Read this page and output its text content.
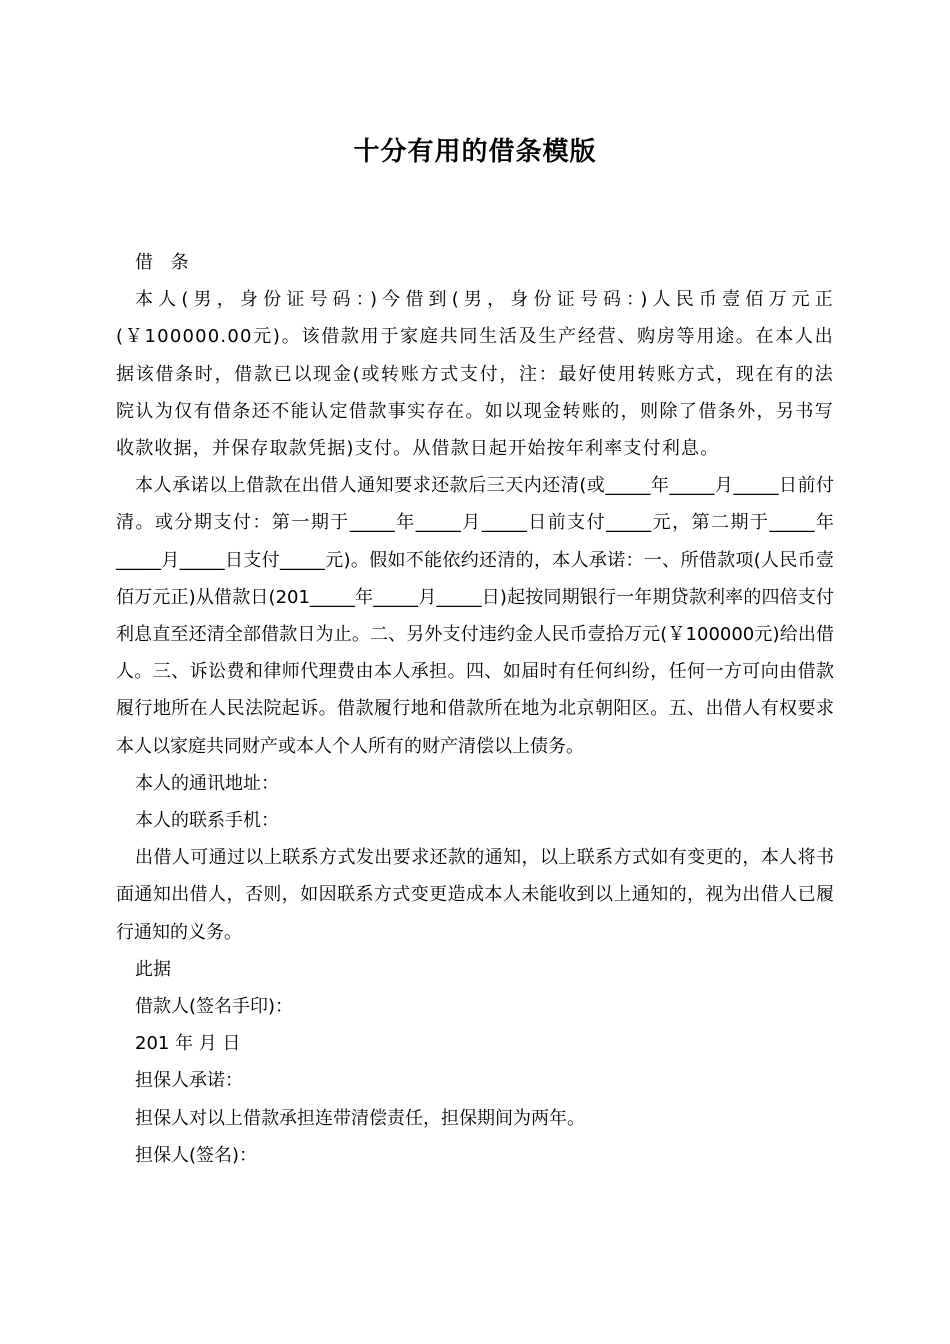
十分有用的借条模版

借 条

本人(男，身份证号码：)今借到(男，身份证号码：)人民币壹佰万元正(￥100000.00元)。该借款用于家庭共同生活及生产经营、购房等用途。在本人出据该借条时，借款已以现金(或转账方式支付，注：最好使用转账方式，现在有的法院认为仅有借条还不能认定借款事实存在。如以现金转账的，则除了借条外，另书写收款收据，并保存取款凭据)支付。从借款日起开始按年利率支付利息。

本人承诺以上借款在出借人通知要求还款后三天内还清(或_____年_____月_____日前付清。或分期支付：第一期于_____年_____月_____日前支付_____元，第二期于_____年_____月_____日支付_____元)。假如不能依约还清的，本人承诺：一、所借款项(人民币壹佰万元正)从借款日(201_____年_____月_____日)起按同期银行一年期贷款利率的四倍支付利息直至还清全部借款日为止。二、另外支付违约金人民币壹拾万元(￥100000元)给出借人。三、诉讼费和律师代理费由本人承担。四、如届时有任何纠纷，任何一方可向由借款履行地所在人民法院起诉。借款履行地和借款所在地为北京朝阳区。五、出借人有权要求本人以家庭共同财产或本人个人所有的财产清偿以上债务。

本人的通讯地址：

本人的联系手机：

出借人可通过以上联系方式发出要求还款的通知，以上联系方式如有变更的，本人将书面通知出借人，否则，如因联系方式变更造成本人未能收到以上通知的，视为出借人已履行通知的义务。

此据

借款人(签名手印)：

201 年 月 日

担保人承诺：

担保人对以上借款承担连带清偿责任，担保期间为两年。

担保人(签名)：
